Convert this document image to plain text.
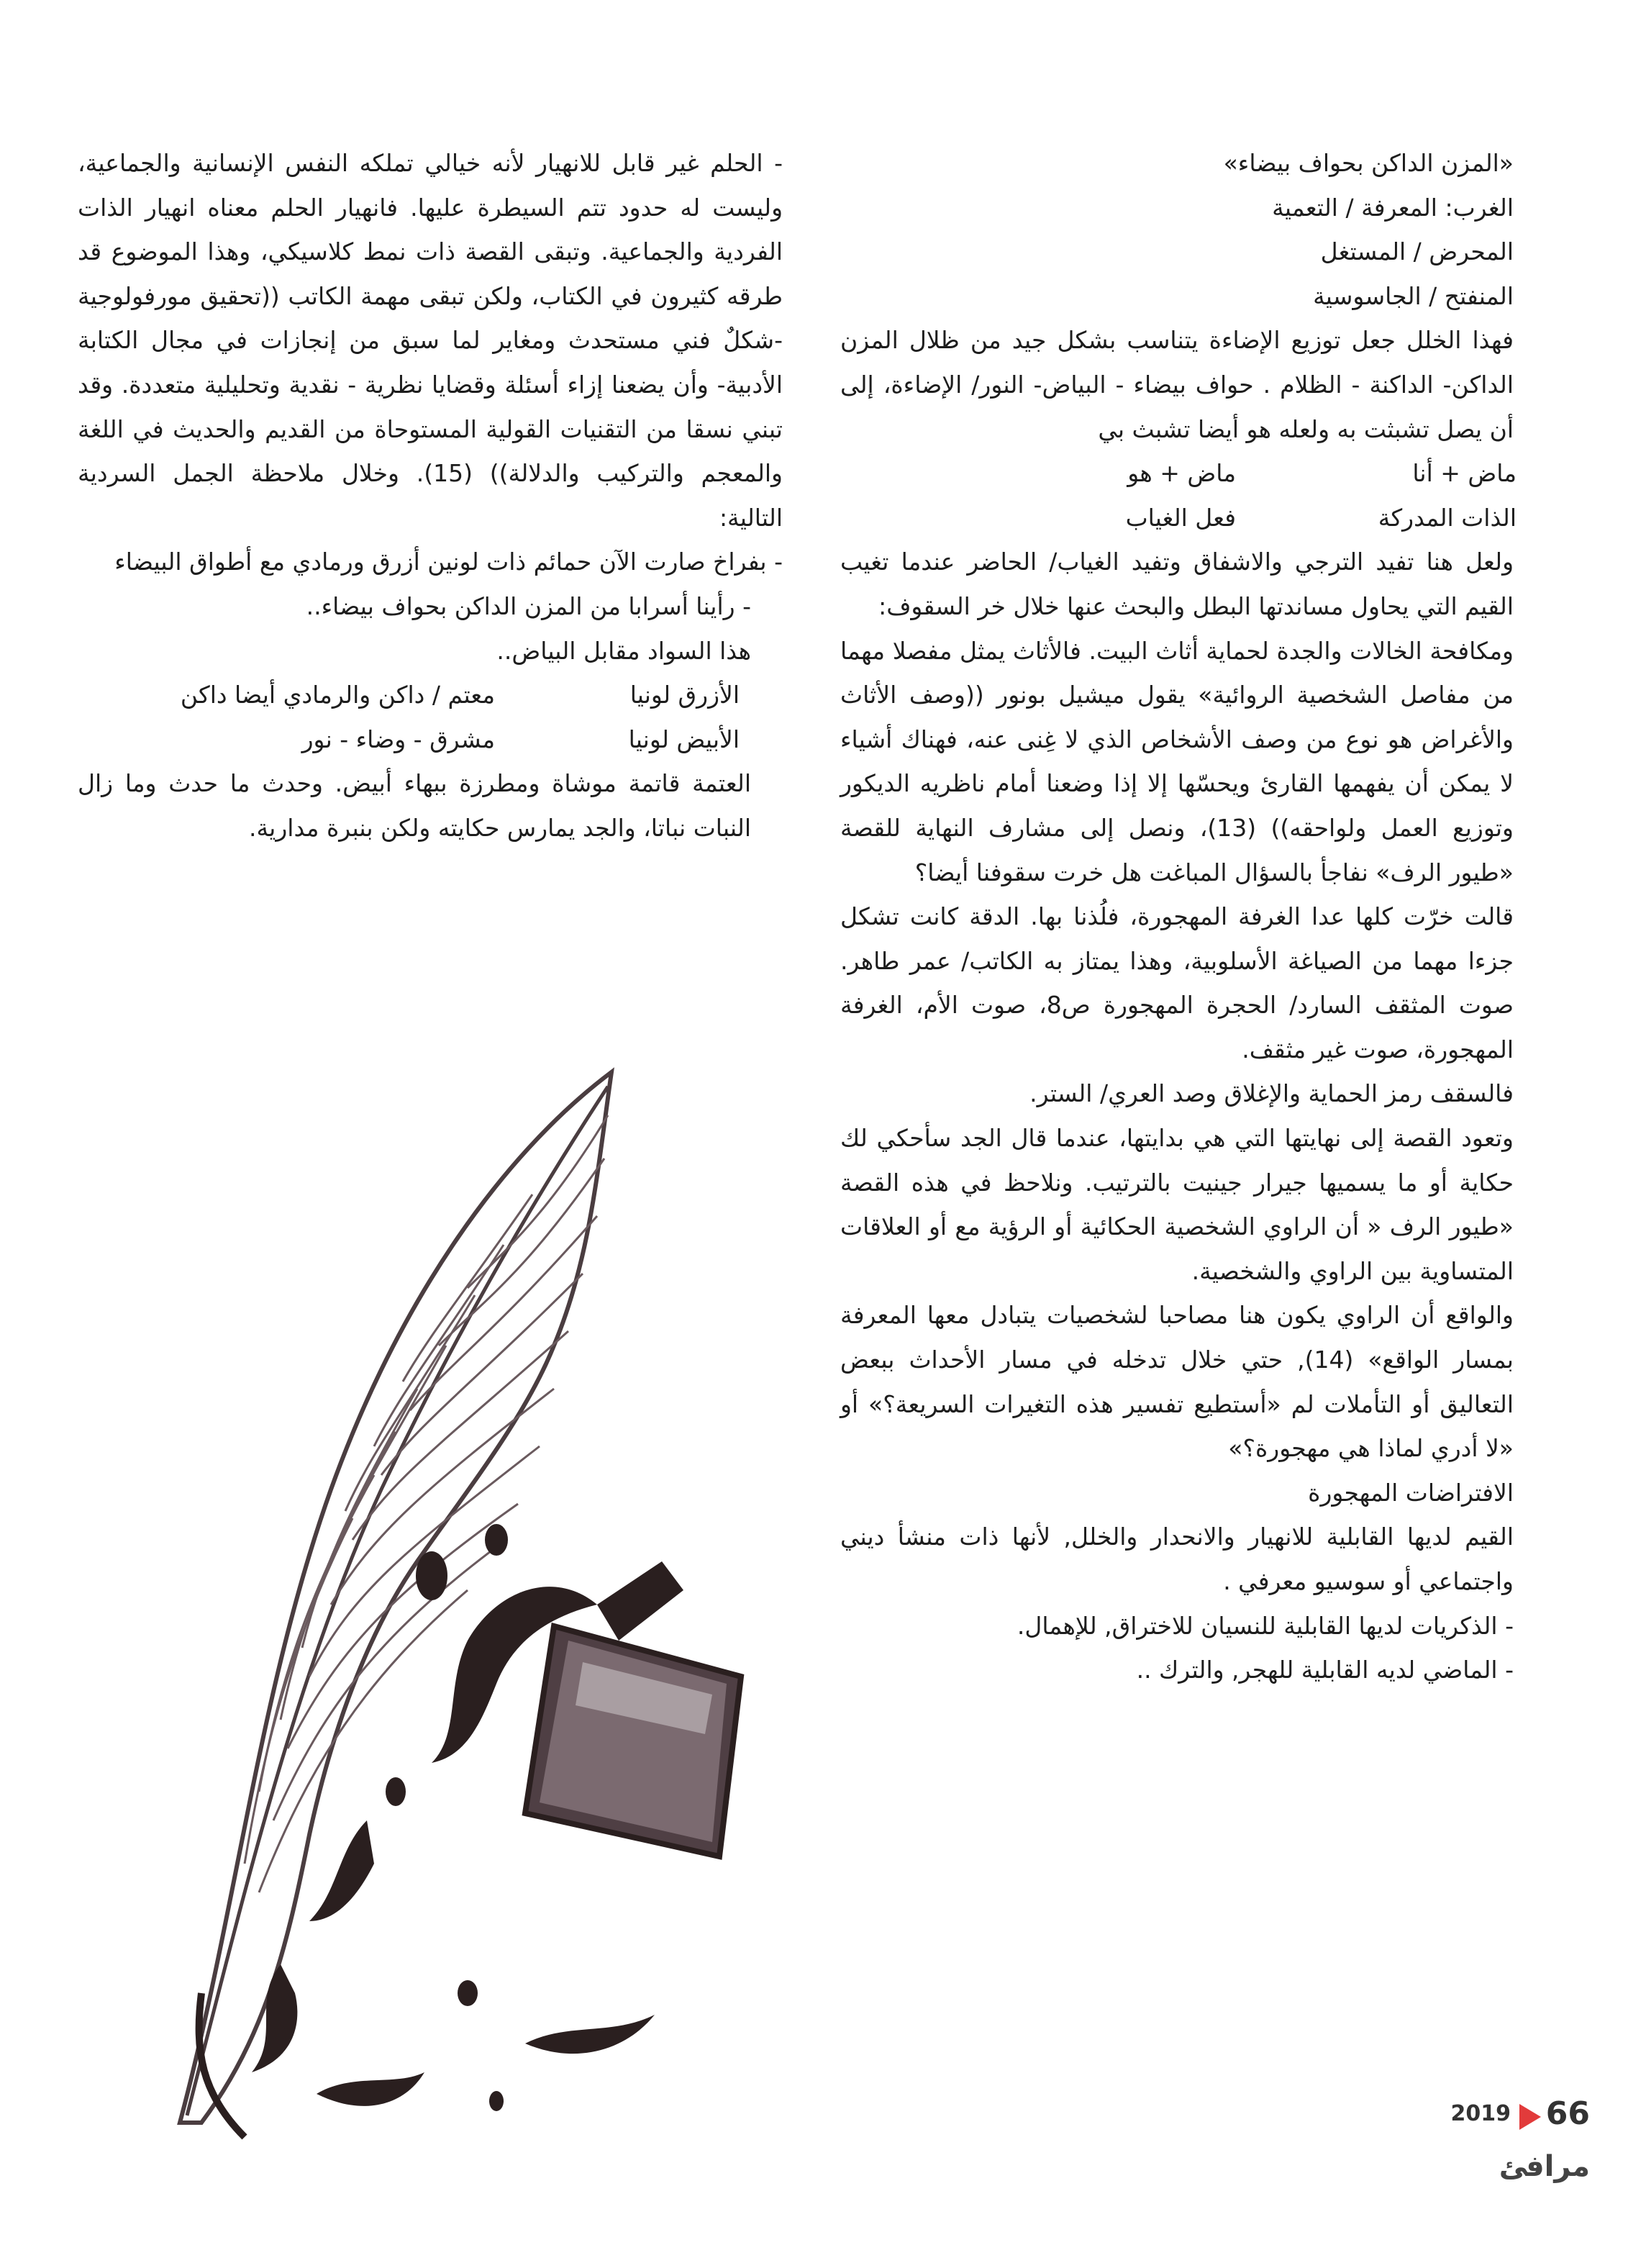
«المزن الداكن بحواف بيضاء»

الغرب: المعرفة / التعمية

المحرض / المستغل

المنفتح / الجاسوسية

فهذا الخلل جعل توزيع الإضاءة يتناسب بشكل جيد من ظلال المزن الداكن- الداكنة - الظلام . حواف بيضاء - البياض- النور/ الإضاءة، إلى أن يصل تشبثت به ولعله هو أيضا تشبث بي

ماض + أنا
ماض + هو
الذات المدركة
فعل الغياب

ولعل هنا تفيد الترجي والاشفاق وتفيد الغياب/ الحاضر عندما تغيب القيم التي يحاول مساندتها البطل والبحث عنها خلال خر السقوف:

ومكافحة الخالات والجدة لحماية أثاث البيت. فالأثاث يمثل مفصلا مهما من مفاصل الشخصية الروائية» يقول ميشيل بونور ((وصف الأثاث والأغراض هو نوع من وصف الأشخاص الذي لا غِنى عنه، فهناك أشياء لا يمكن أن يفهمها القارئ ويحسّها إلا إذا وضعنا أمام ناظريه الديكور وتوزيع العمل ولواحقه)) (13)، ونصل إلى مشارف النهاية للقصة «طيور الرف» نفاجأ بالسؤال المباغت هل خرت سقوفنا أيضا؟

قالت خرّت كلها عدا الغرفة المهجورة، فلُذنا بها. الدقة كانت تشكل جزءا مهما من الصياغة الأسلوبية، وهذا يمتاز به الكاتب/ عمر طاهر. صوت المثقف السارد/ الحجرة المهجورة ص8، صوت الأم، الغرفة المهجورة، صوت غير مثقف.

فالسقف رمز الحماية والإغلاق وصد العري/ الستر.

وتعود القصة إلى نهايتها التي هي بدايتها، عندما قال الجد سأحكي لك حكاية أو ما يسميها جيرار جينيت بالترتيب. ونلاحظ في هذه القصة «طيور الرف « أن الراوي الشخصية الحكائية أو الرؤية مع أو العلاقات المتساوية بين الراوي والشخصية.

والواقع أن الراوي يكون هنا مصاحبا لشخصيات يتبادل معها المعرفة بمسار الواقع» (14), حتي خلال تدخله في مسار الأحداث ببعض التعاليق أو التأملات لم «أستطيع تفسير هذه التغيرات السريعة؟» أو «لا أدري لماذا هي مهجورة؟»

الافتراضات المهجورة

القيم لديها القابلية للانهيار والانحدار والخلل, لأنها ذات منشأ ديني واجتماعي أو سوسيو معرفي .

- الذكريات لديها القابلية للنسيان للاختراق, للإهمال.

- الماضي لديه القابلية للهجر, والترك ..

- الحلم غير قابل للانهيار لأنه خيالي تملكه النفس الإنسانية والجماعية، وليست له حدود تتم السيطرة عليها. فانهيار الحلم معناه انهيار الذات الفردية والجماعية. وتبقى القصة ذات نمط كلاسيكي، وهذا الموضوع قد طرقه كثيرون في الكتاب، ولكن تبقى مهمة الكاتب ((تحقيق مورفولوجية -شكلٌ فني مستحدث ومغاير لما سبق من إنجازات في مجال الكتابة الأدبية- وأن يضعنا إزاء أسئلة وقضايا نظرية - نقدية وتحليلية متعددة. وقد تبني نسقا من التقنيات القولية المستوحاة من القديم والحديث في اللغة والمعجم والتركيب والدلالة)) (15). وخلال ملاحظة الجمل السردية التالية:

- بفراخ صارت الآن حمائم ذات لونين أزرق ورمادي مع أطواق البيضاء

- رأينا أسرابا من المزن الداكن بحواف بيضاء..

هذا السواد مقابل البياض..

الأزرق لونيا
معتم / داكن والرمادي أيضا داكن
الأبيض لونيا
مشرق - وضاء - نور

العتمة قاتمة موشاة ومطرزة ببهاء أبيض. وحدث ما حدث وما زال النبات نباتا، والجد يمارس حكايته ولكن بنبرة مدارية.

66
2019
مرافئ
